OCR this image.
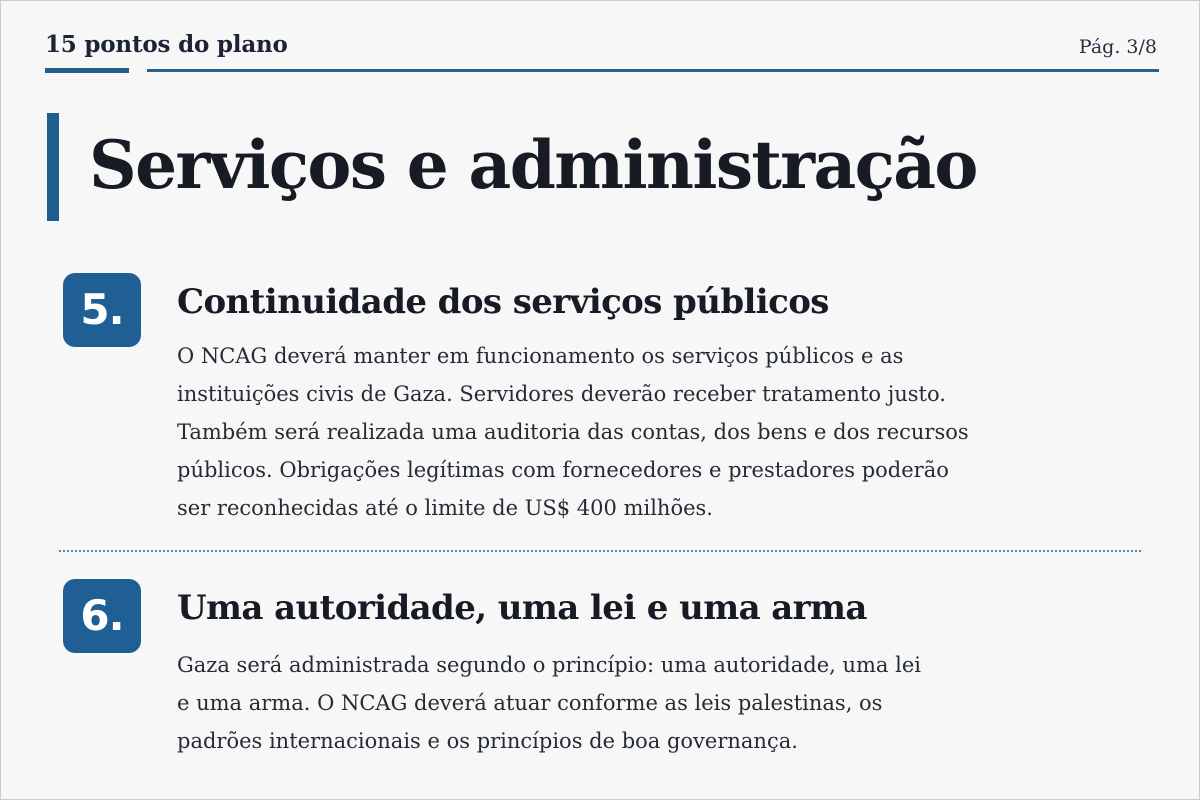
15 pontos do plano	Pág. 3/8
Serviços e administração
5.	Continuidade dos serviços públicos

O NCAG deverá manter em funcionamento os serviços públicos e as
instituições civis de Gaza. Servidores deverão receber tratamento justo.
Também será realizada uma auditoria das contas, dos bens e dos recursos
públicos. Obrigações legítimas com fornecedores e prestadores poderão
ser reconhecidas até o limite de US$ 400 milhões.

6.	Uma autoridade, uma lei e uma arma

Gaza será administrada segundo o princípio: uma autoridade, uma lei
e uma arma. O NCAG deverá atuar conforme as leis palestinas, os
padrões internacionais e os princípios de boa governança.
